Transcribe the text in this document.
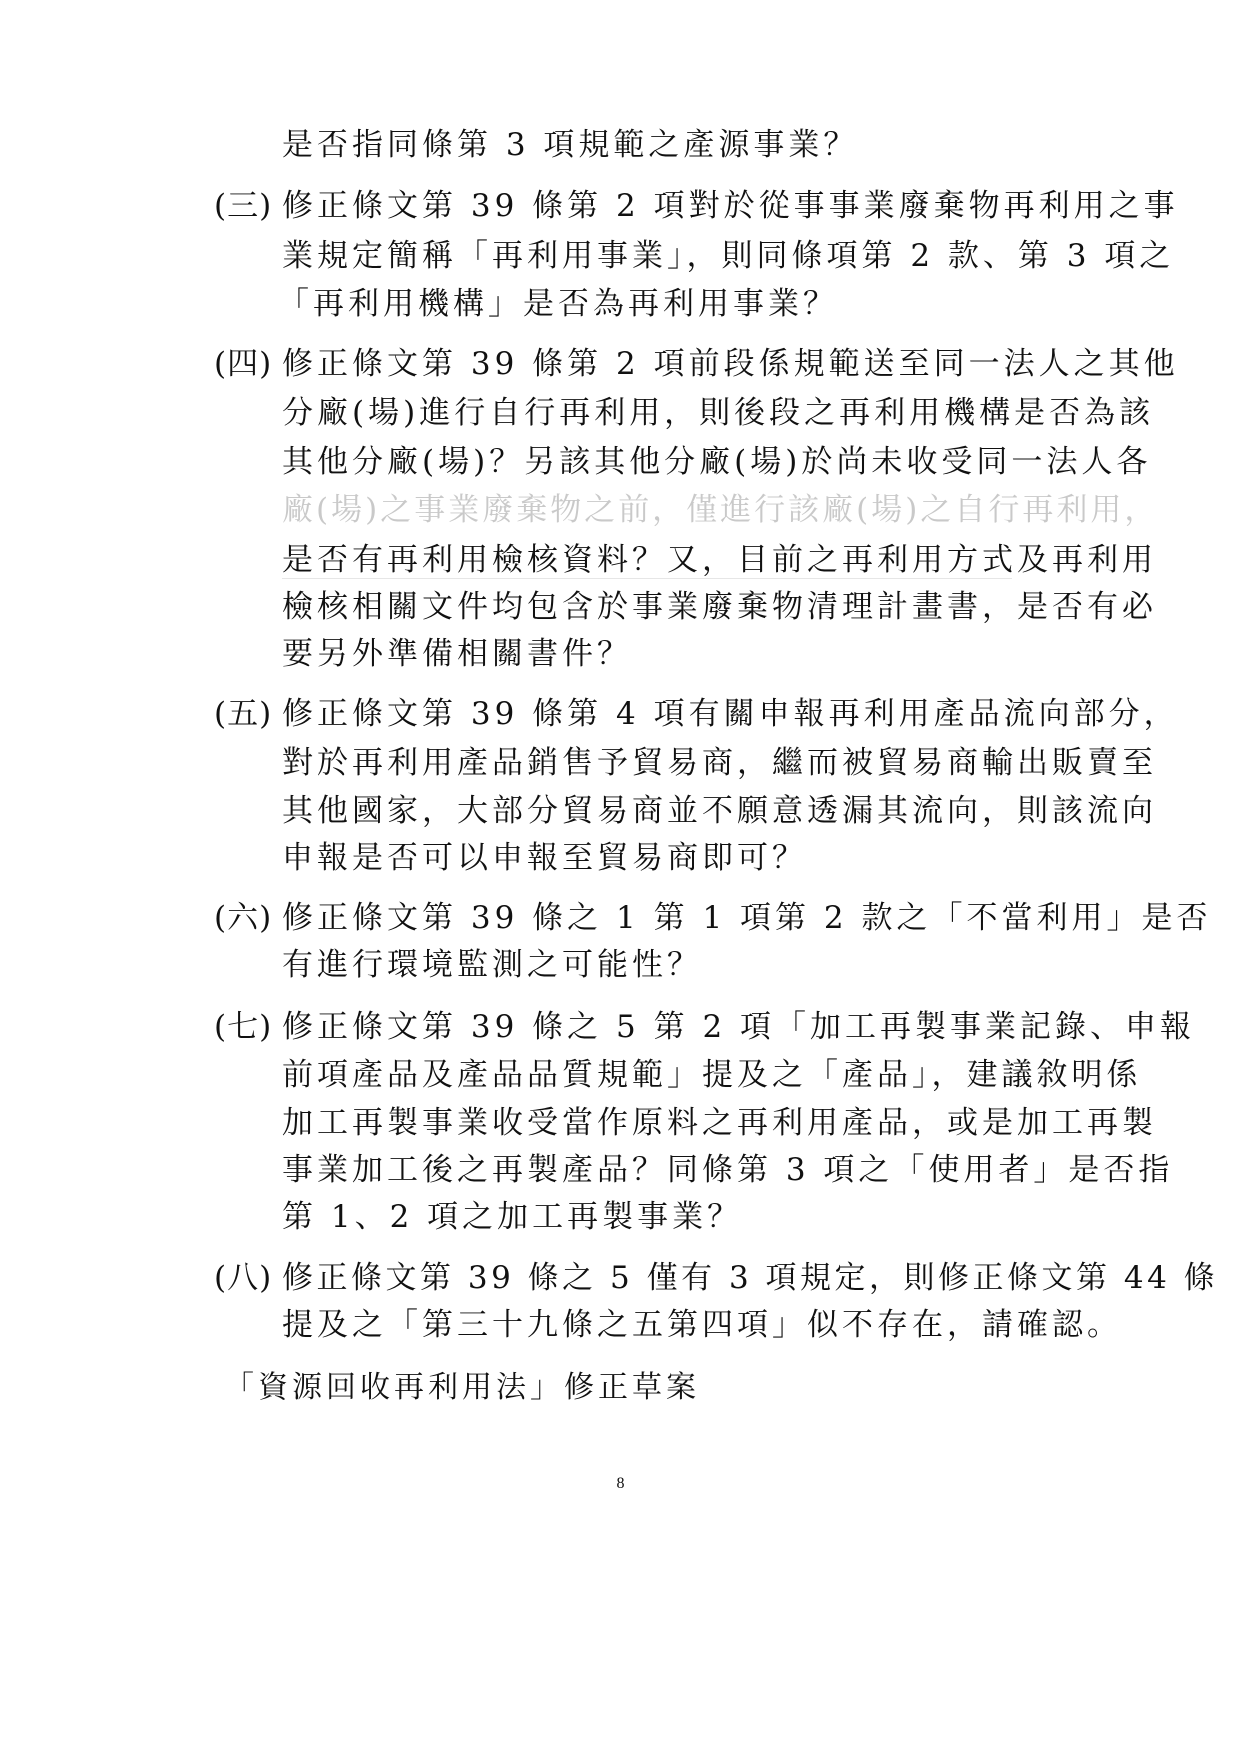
是否指同條第 3 項規範之產源事業？
(三) 修正條文第 39 條第 2 項對於從事事業廢棄物再利用之事
業規定簡稱「再利用事業」，則同條項第 2 款、第 3 項之
「再利用機構」是否為再利用事業？
(四) 修正條文第 39 條第 2 項前段係規範送至同一法人之其他
分廠(場)進行自行再利用，則後段之再利用機構是否為該
其他分廠(場)？另該其他分廠(場)於尚未收受同一法人各
廠(場)之事業廢棄物之前，僅進行該廠(場)之自行再利用，
是否有再利用檢核資料？又，目前之再利用方式及再利用
檢核相關文件均包含於事業廢棄物清理計畫書，是否有必
要另外準備相關書件？
(五) 修正條文第 39 條第 4 項有關申報再利用產品流向部分，
對於再利用產品銷售予貿易商，繼而被貿易商輸出販賣至
其他國家，大部分貿易商並不願意透漏其流向，則該流向
申報是否可以申報至貿易商即可？
(六) 修正條文第 39 條之 1 第 1 項第 2 款之「不當利用」是否
有進行環境監測之可能性？
(七) 修正條文第 39 條之 5 第 2 項「加工再製事業記錄、申報
前項產品及產品品質規範」提及之「產品」，建議敘明係
加工再製事業收受當作原料之再利用產品，或是加工再製
事業加工後之再製產品？同條第 3 項之「使用者」是否指
第 1、2 項之加工再製事業？
(八) 修正條文第 39 條之 5 僅有 3 項規定，則修正條文第 44 條
提及之「第三十九條之五第四項」似不存在，請確認。
「資源回收再利用法」修正草案
8
